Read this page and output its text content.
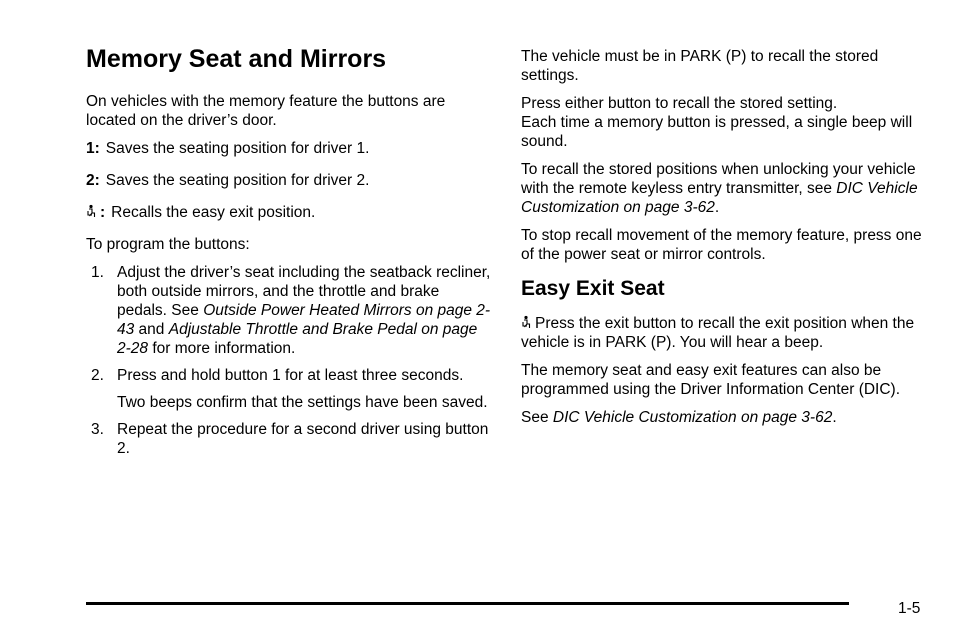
Memory Seat and Mirrors

On vehicles with the memory feature the buttons are located on the driver’s door.

1: Saves the seating position for driver 1.

2: Saves the seating position for driver 2.

: Recalls the easy exit position.

To program the buttons:

1. Adjust the driver’s seat including the seatback recliner, both outside mirrors, and the throttle and brake pedals. See Outside Power Heated Mirrors on page 2-43 and Adjustable Throttle and Brake Pedal on page 2-28 for more information.
2. Press and hold button 1 for at least three seconds.
Two beeps confirm that the settings have been saved.
3. Repeat the procedure for a second driver using button 2.

The vehicle must be in PARK (P) to recall the stored settings.

Press either button to recall the stored setting.
Each time a memory button is pressed, a single beep will sound.

To recall the stored positions when unlocking your vehicle with the remote keyless entry transmitter, see DIC Vehicle Customization on page 3-62.

To stop recall movement of the memory feature, press one of the power seat or mirror controls.

Easy Exit Seat

Press the exit button to recall the exit position when the vehicle is in PARK (P). You will hear a beep.

The memory seat and easy exit features can also be programmed using the Driver Information Center (DIC).

See DIC Vehicle Customization on page 3-62.

1-5
